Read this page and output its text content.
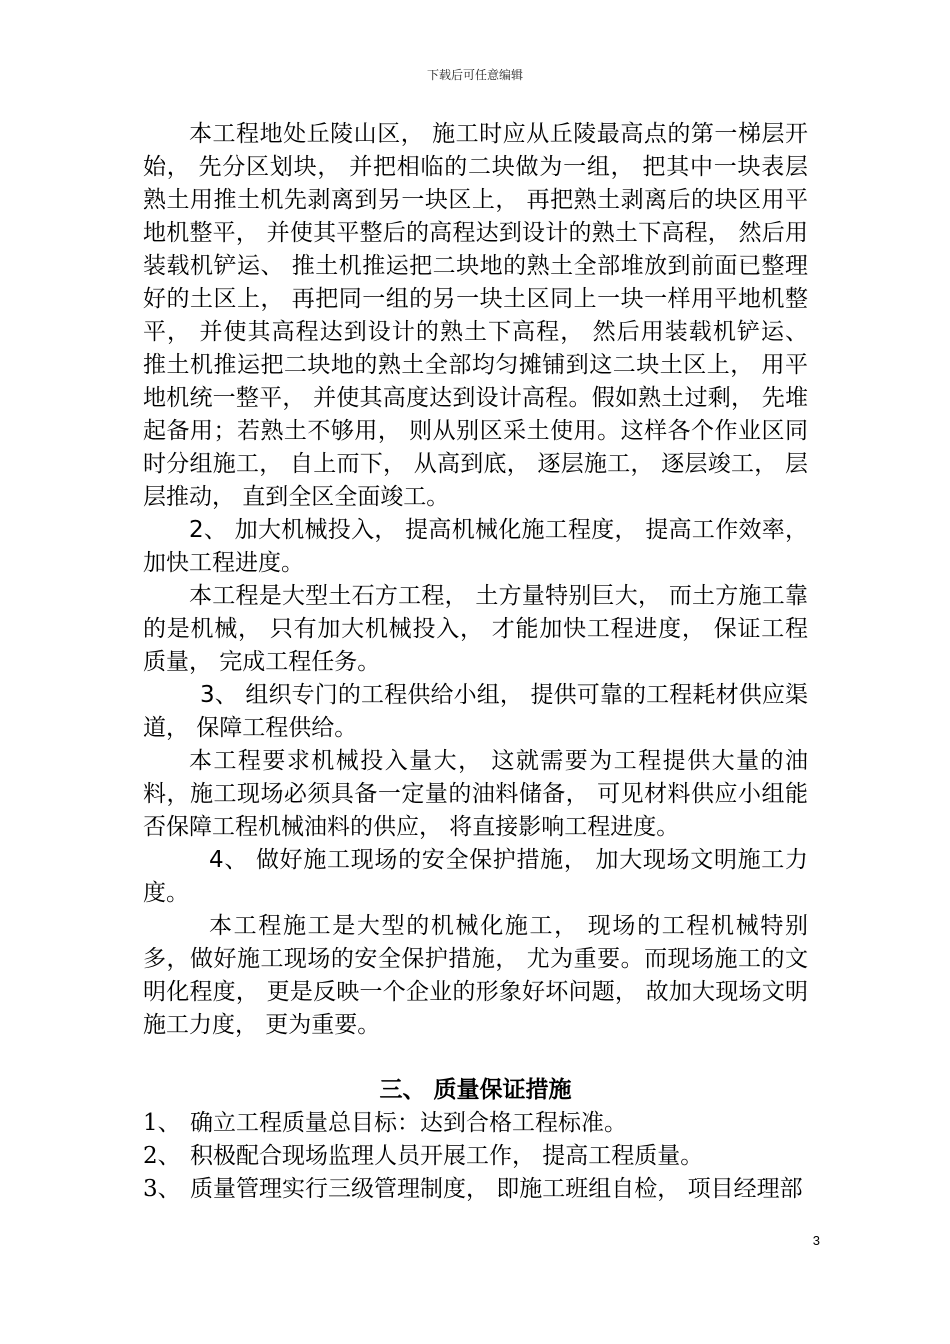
下载后可任意编辑

本工程地处丘陵山区， 施工时应从丘陵最高点的第一梯层开始， 先分区划块， 并把相临的二块做为一组， 把其中一块表层熟土用推土机先剥离到另一块区上， 再把熟土剥离后的块区用平地机整平， 并使其平整后的高程达到设计的熟土下高程， 然后用装载机铲运、 推土机推运把二块地的熟土全部堆放到前面已整理好的土区上， 再把同一组的另一块土区同上一块一样用平地机整平， 并使其高程达到设计的熟土下高程， 然后用装载机铲运、 推土机推运把二块地的熟土全部均匀摊铺到这二块土区上， 用平地机统一整平， 并使其高度达到设计高程。假如熟土过剩， 先堆起备用；若熟土不够用， 则从别区采土使用。这样各个作业区同时分组施工， 自上而下， 从高到底， 逐层施工， 逐层竣工， 层层推动， 直到全区全面竣工。

2、 加大机械投入， 提高机械化施工程度， 提高工作效率， 加快工程进度。

本工程是大型土石方工程， 土方量特别巨大， 而土方施工靠的是机械， 只有加大机械投入， 才能加快工程进度， 保证工程质量， 完成工程任务。

3、 组织专门的工程供给小组， 提供可靠的工程耗材供应渠道， 保障工程供给。

本工程要求机械投入量大， 这就需要为工程提供大量的油料，施工现场必须具备一定量的油料储备， 可见材料供应小组能否保障工程机械油料的供应， 将直接影响工程进度。

4、 做好施工现场的安全保护措施， 加大现场文明施工力度。

本工程施工是大型的机械化施工， 现场的工程机械特别多，做好施工现场的安全保护措施， 尤为重要。而现场施工的文明化程度， 更是反映一个企业的形象好坏问题， 故加大现场文明施工力度， 更为重要。

三、 质量保证措施

1、 确立工程质量总目标：达到合格工程标准。

2、 积极配合现场监理人员开展工作， 提高工程质量。

3、 质量管理实行三级管理制度， 即施工班组自检， 项目经理部

3
